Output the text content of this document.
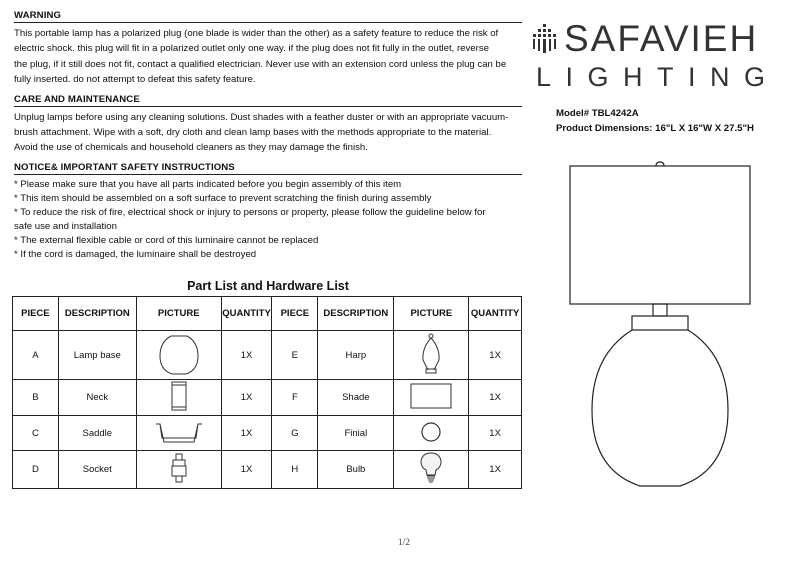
WARNING
This portable lamp has a polarized plug (one blade is wider than the other) as a safety feature to reduce the risk of
electric shock. this plug will fit in a polarized outlet only one way. if the plug does not fit fully in the outlet, reverse
the plug, if it still does not fit, contact a qualified electrician. Never use with an extension cord unless the plug can be
fully inserted. do not attempt to defeat this safety feature.
CARE AND MAINTENANCE
Unplug lamps before using any cleaning solutions. Dust shades with a feather duster or with an appropriate vacuum-
brush attachment. Wipe with a soft, dry cloth and clean lamp bases with the methods appropriate to the material.
Avoid the use of chemicals and household cleaners as they may damage the finish.
NOTICE& IMPORTANT SAFETY INSTRUCTIONS
* Please make sure that you have all parts indicated before you begin assembly of this item
* This item should be assembled on a soft surface to prevent scratching the finish during assembly
* To reduce the risk of fire, electrical shock or injury to persons or property, please follow the guideline below for
safe use and installation
* The external flexible cable or cord of this luminaire cannot be replaced
* If the cord is damaged, the luminaire shall be destroyed
Part List and Hardware List
PIECE	DESCRIPTION	PICTURE	QUANTITY	PIECE	DESCRIPTION	PICTURE	QUANTITY
A	Lamp base		1X	E	Harp		1X
B	Neck		1X	F	Shade		1X
C	Saddle		1X	G	Finial		1X
D	Socket		1X	H	Bulb		1X
SAFAVIEH
LIGHTING
Model# TBL4242A
Product Dimensions: 16"L X 16"W X 27.5"H
1/2
